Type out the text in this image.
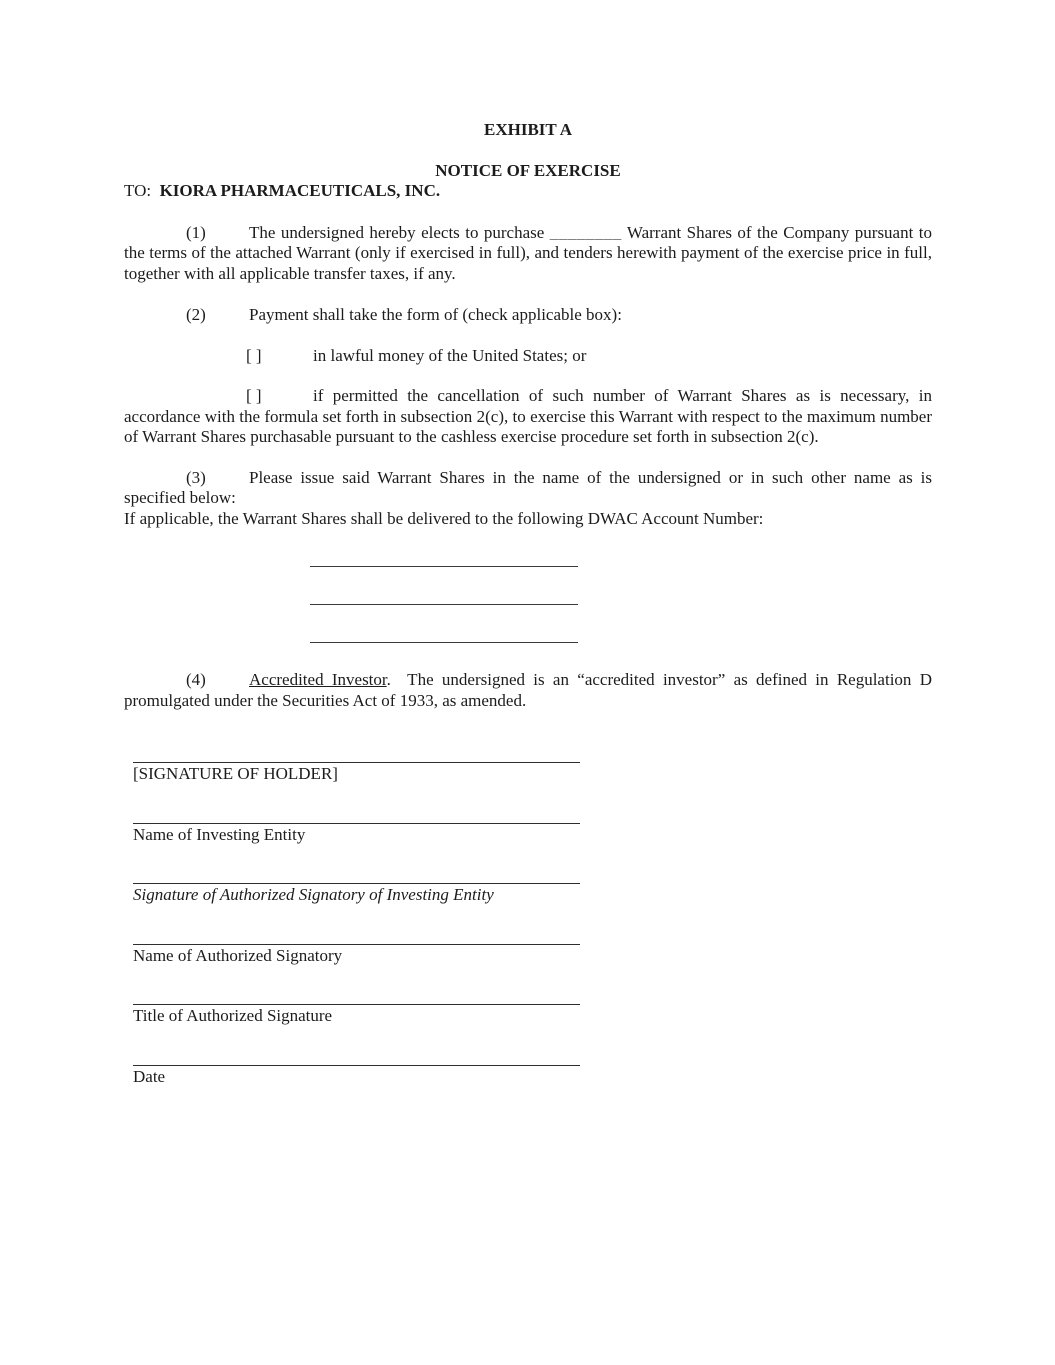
EXHIBIT A

NOTICE OF EXERCISE

TO: KIORA PHARMACEUTICALS, INC.

(1)	The undersigned hereby elects to purchase ________ Warrant Shares of the Company pursuant to the terms of the attached Warrant (only if exercised in full), and tenders herewith payment of the exercise price in full, together with all applicable transfer taxes, if any.

(2)	Payment shall take the form of (check applicable box):

[ ]	in lawful money of the United States; or

[ ]	if permitted the cancellation of such number of Warrant Shares as is necessary, in accordance with the formula set forth in subsection 2(c), to exercise this Warrant with respect to the maximum number of Warrant Shares purchasable pursuant to the cashless exercise procedure set forth in subsection 2(c).

(3)	Please issue said Warrant Shares in the name of the undersigned or in such other name as is specified below:

If applicable, the Warrant Shares shall be delivered to the following DWAC Account Number:

(4)	Accredited Investor.  The undersigned is an “accredited investor” as defined in Regulation D promulgated under the Securities Act of 1933, as amended.

[SIGNATURE OF HOLDER]
Name of Investing Entity
Signature of Authorized Signatory of Investing Entity
Name of Authorized Signatory
Title of Authorized Signature
Date
